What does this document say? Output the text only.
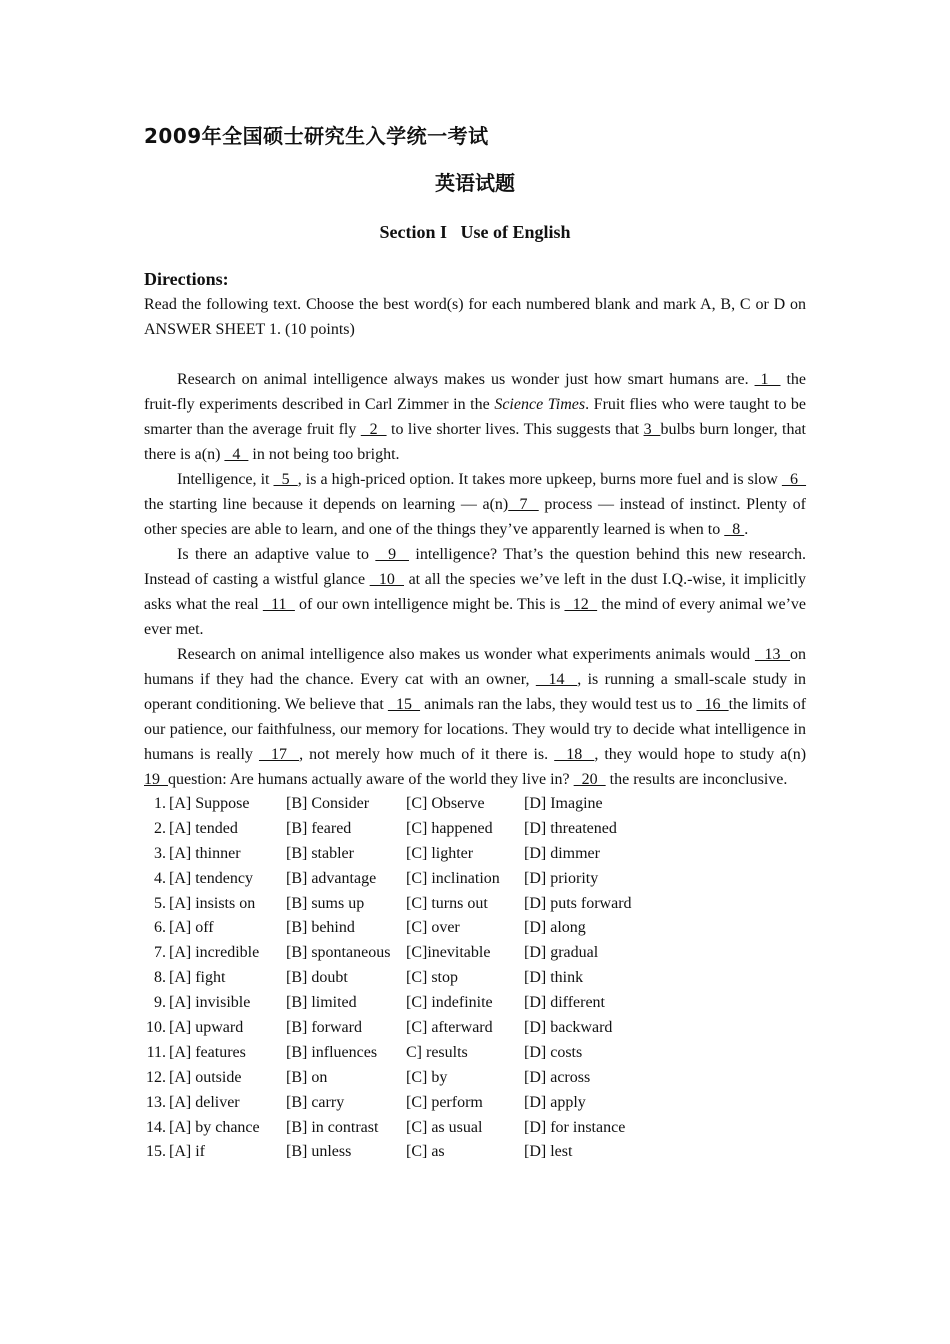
2009年全国硕士研究生入学统一考试
英语试题
Section I   Use of English
Directions:

Read the following text. Choose the best word(s) for each numbered blank and mark A, B, C or D on ANSWER SHEET 1. (10 points)

Research on animal intelligence always makes us wonder just how smart humans are.  1   the fruit-fly experiments described in Carl Zimmer in the Science Times. Fruit flies who were taught to be smarter than the average fruit fly   2   to live shorter lives. This suggests that 3  bulbs burn longer, that there is a(n)   4   in not being too bright.

Intelligence, it   5  , is a high-priced option. It takes more upkeep, burns more fuel and is slow   6   the starting line because it depends on learning — a(n)  7   process — instead of instinct. Plenty of other species are able to learn, and one of the things they’ve apparently learned is when to   8 .

Is there an adaptive value to   9   intelligence? That’s the question behind this new research. Instead of casting a wistful glance   10   at all the species we’ve left in the dust I.Q.-wise, it implicitly asks what the real   11   of our own intelligence might be. This is   12   the mind of every animal we’ve ever met.

Research on animal intelligence also makes us wonder what experiments animals would   13  on humans if they had the chance. Every cat with an owner,   14  , is running a small-scale study in operant conditioning. We believe that   15   animals ran the labs, they would test us to   16  the limits of our patience, our faithfulness, our memory for locations. They would try to decide what intelligence in humans is really   17  , not merely how much of it there is.   18  , they would hope to study a(n) 19  question: Are humans actually aware of the world they live in?   20   the results are inconclusive.

1. [A] Suppose [B] Consider [C] Observe [D] Imagine
2. [A] tended	[B] feared	[C] happened [D] threatened
3. [A] thinner	[B] stabler	[C] lighter	[D] dimmer
4. [A] tendency [B] advantage [C] inclination [D] priority
5. [A] insists on [B] sums up	[C] turns out [D] puts forward
6. [A] off	[B] behind	[C] over	[D] along
7. [A] incredible [B] spontaneous [C]inevitable [D] gradual
8. [A] fight	[B] doubt	[C] stop	[D] think
9. [A] invisible [B] limited	[C] indefinite [D] different
10. [A] upward	[B] forward	[C] afterward [D] backward
11. [A] features	[B] influences C] results	[D] costs
12. [A] outside	[B] on	[C] by	[D] across
13. [A] deliver	[B] carry	[C] perform	[D] apply
14. [A] by chance [B] in contrast [C] as usual	[D] for instance
15. [A] if	[B] unless	[C] as	[D] lest
